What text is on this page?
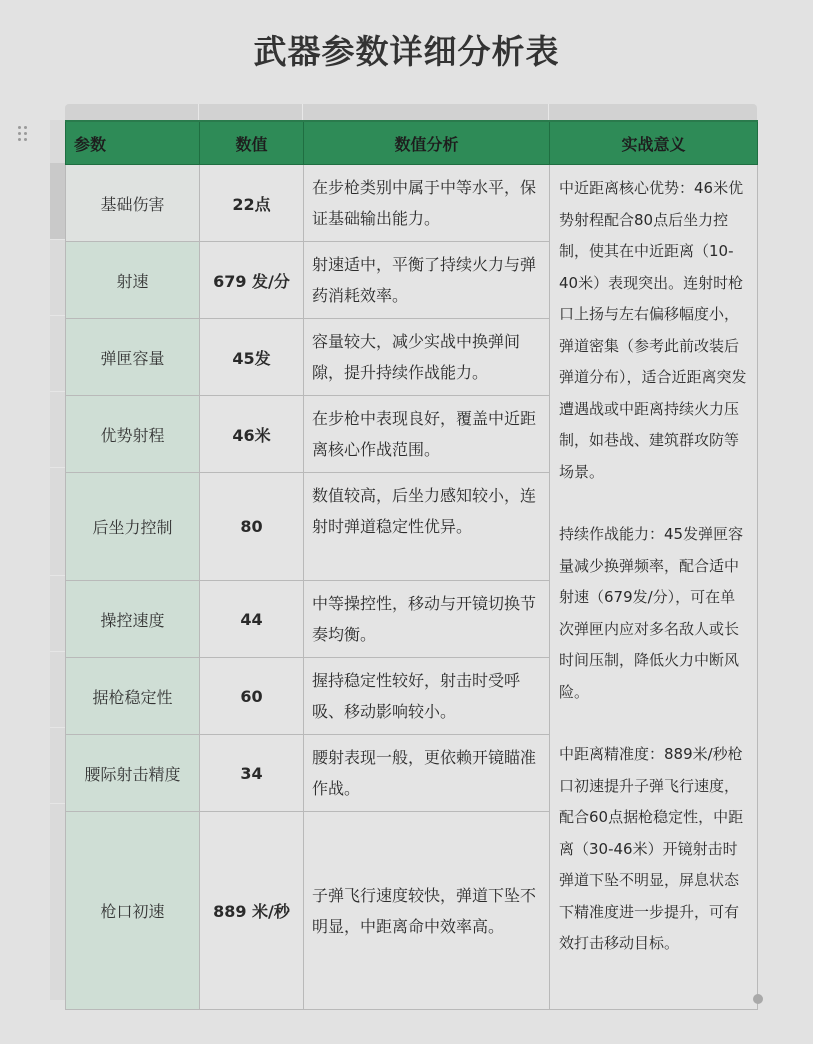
武器参数详细分析表
参数	数值	数值分析	实战意义
基础伤害	22点	在步枪类别中属于中等水平，保证基础输出能力。	中近距离核心优势：46米优势射程配合80点后坐力控制，使其在中近距离（10-40米）表现突出。连射时枪口上扬与左右偏移幅度小，弹道密集（参考此前改装后弹道分布），适合近距离突发遭遇战或中距离持续火力压制，如巷战、建筑群攻防等场景。
持续作战能力：45发弹匣容量减少换弹频率，配合适中射速（679发/分），可在单次弹匣内应对多名敌人或长时间压制，降低火力中断风险。
中距离精准度：889米/秒枪口初速提升子弹飞行速度，配合60点据枪稳定性，中距离（30-46米）开镜射击时弹道下坠不明显，屏息状态下精准度进一步提升，可有效打击移动目标。

射速	679 发/分	射速适中，平衡了持续火力与弹药消耗效率。	
弹匣容量	45发	容量较大，减少实战中换弹间隙，提升持续作战能力。	
优势射程	46米	在步枪中表现良好，覆盖中近距离核心作战范围。	
后坐力控制	80	数值较高，后坐力感知较小，连射时弹道稳定性优异。	
操控速度	44	中等操控性，移动与开镜切换节奏均衡。	
据枪稳定性	60	握持稳定性较好，射击时受呼吸、移动影响较小。	
腰际射击精度	34	腰射表现一般，更依赖开镜瞄准作战。	
枪口初速	889 米/秒	子弹飞行速度较快，弹道下坠不明显，中距离命中效率高。	
